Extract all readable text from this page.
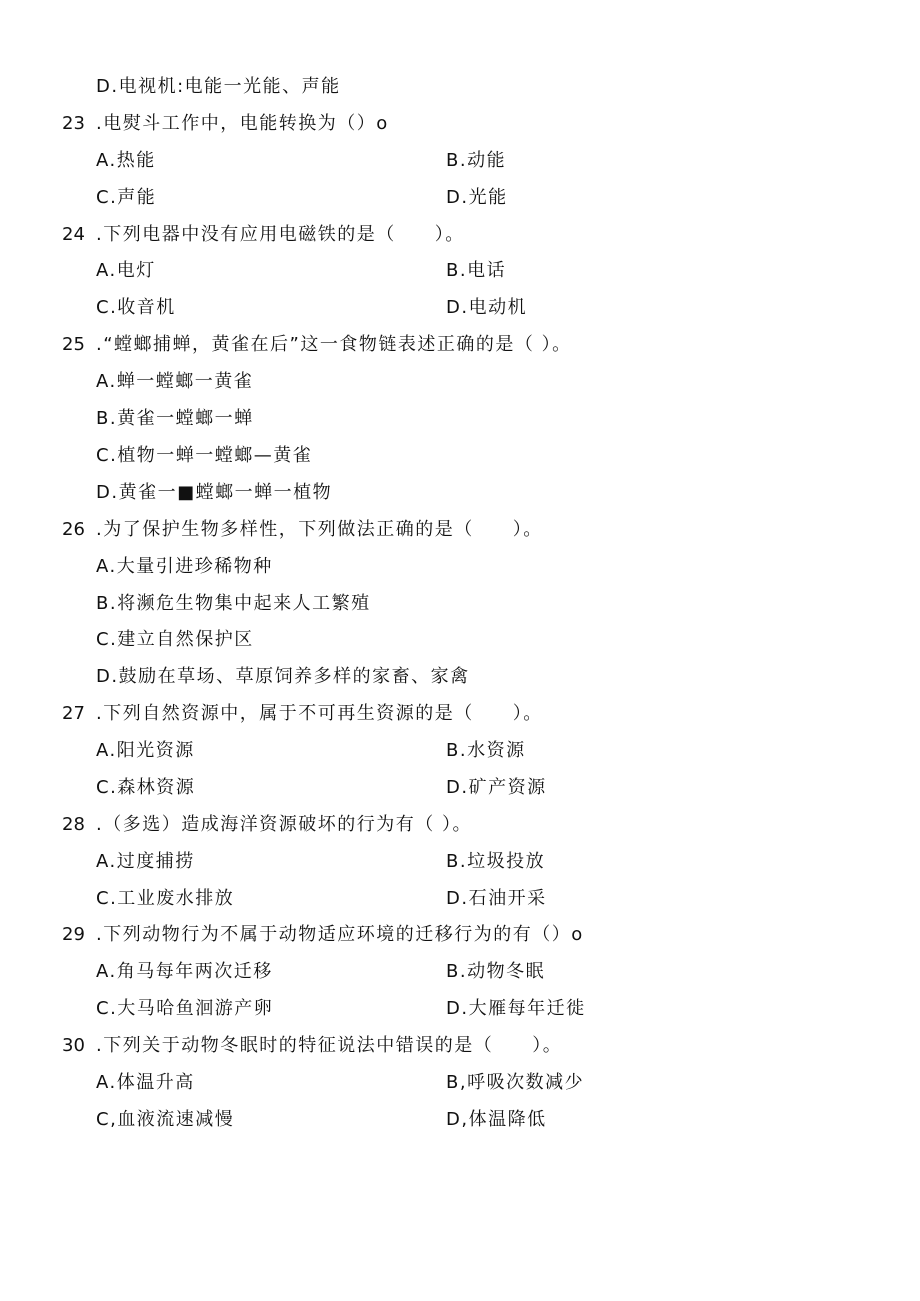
D.电视机:电能一光能、声能
23 .电熨斗工作中，电能转换为（）o
A.热能	B.动能
C.声能	D.光能
24 .下列电器中没有应用电磁铁的是（　　）。
A.电灯	B.电话
C.收音机	D.电动机
25 .“螳螂捕蝉，黄雀在后”这一食物链表述正确的是（ ）。
A.蝉一螳螂一黄雀
B.黄雀一螳螂一蝉
C.植物一蝉一螳螂—黄雀
D.黄雀一■螳螂一蝉一植物
26 .为了保护生物多样性，下列做法正确的是（　　）。
A.大量引进珍稀物种
B.将濒危生物集中起来人工繁殖
C.建立自然保护区
D.鼓励在草场、草原饲养多样的家畜、家禽
27 .下列自然资源中，属于不可再生资源的是（　　）。
A.阳光资源	B.水资源
C.森林资源	D.矿产资源
28 .（多选）造成海洋资源破坏的行为有（ ）。
A.过度捕捞	B.垃圾投放
C.工业废水排放	D.石油开采
29 .下列动物行为不属于动物适应环境的迁移行为的有（）o
A.角马每年两次迁移	B.动物冬眠
C.大马哈鱼洄游产卵	D.大雁每年迁徙
30 .下列关于动物冬眠时的特征说法中错误的是（　　）。
A.体温升高	B,呼吸次数减少
C,血液流速减慢	D,体温降低
